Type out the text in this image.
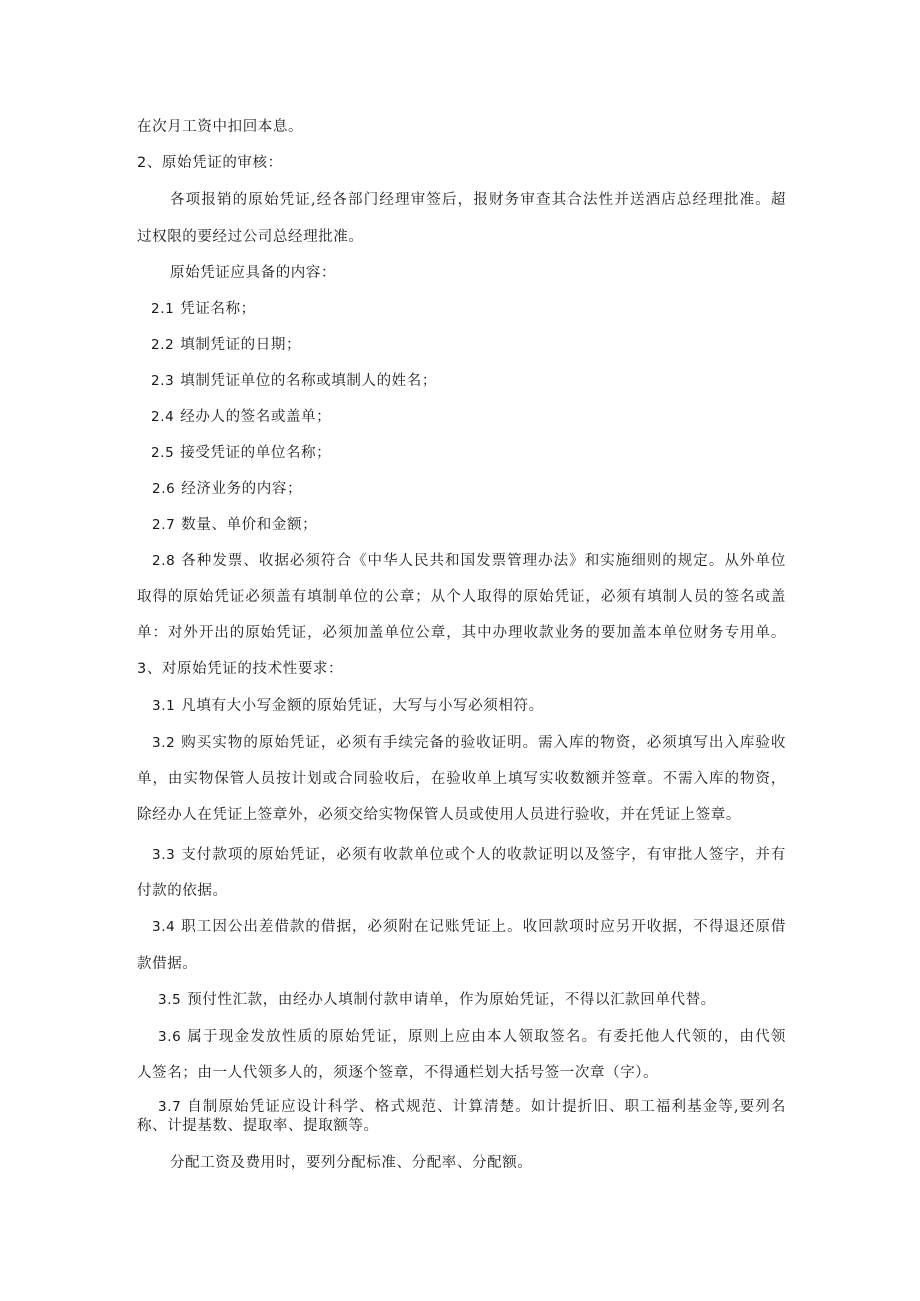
在次月工资中扣回本息。
2、原始凭证的审核：
各项报销的原始凭证,经各部门经理审签后，报财务审查其合法性并送酒店总经理批准。超
过权限的要经过公司总经理批准。
原始凭证应具备的内容：
2.1 凭证名称；
2.2 填制凭证的日期；
2.3 填制凭证单位的名称或填制人的姓名；
2.4 经办人的签名或盖单；
2.5 接受凭证的单位名称；
2.6 经济业务的内容；
2.7 数量、单价和金额；
2.8 各种发票、收据必须符合《中华人民共和国发票管理办法》和实施细则的规定。从外单位
取得的原始凭证必须盖有填制单位的公章；从个人取得的原始凭证，必须有填制人员的签名或盖
单：对外开出的原始凭证，必须加盖单位公章，其中办理收款业务的要加盖本单位财务专用单。
3、对原始凭证的技术性要求：
3.1 凡填有大小写金额的原始凭证，大写与小写必须相符。
3.2 购买实物的原始凭证，必须有手续完备的验收证明。需入库的物资，必须填写出入库验收
单，由实物保管人员按计划或合同验收后，在验收单上填写实收数额并签章。不需入库的物资，
除经办人在凭证上签章外，必须交给实物保管人员或使用人员进行验收，并在凭证上签章。
3.3 支付款项的原始凭证，必须有收款单位或个人的收款证明以及签字，有审批人签字，并有
付款的依据。
3.4 职工因公出差借款的借据，必须附在记账凭证上。收回款项时应另开收据，不得退还原借
款借据。
3.5 预付性汇款，由经办人填制付款申请单，作为原始凭证，不得以汇款回单代替。
3.6 属于现金发放性质的原始凭证，原则上应由本人领取签名。有委托他人代领的，由代领
人签名；由一人代领多人的，须逐个签章，不得通栏划大括号签一次章（字）。
3.7 自制原始凭证应设计科学、格式规范、计算清楚。如计提折旧、职工福利基金等,要列名
称、计提基数、提取率、提取额等。
分配工资及费用时，要列分配标准、分配率、分配额。
